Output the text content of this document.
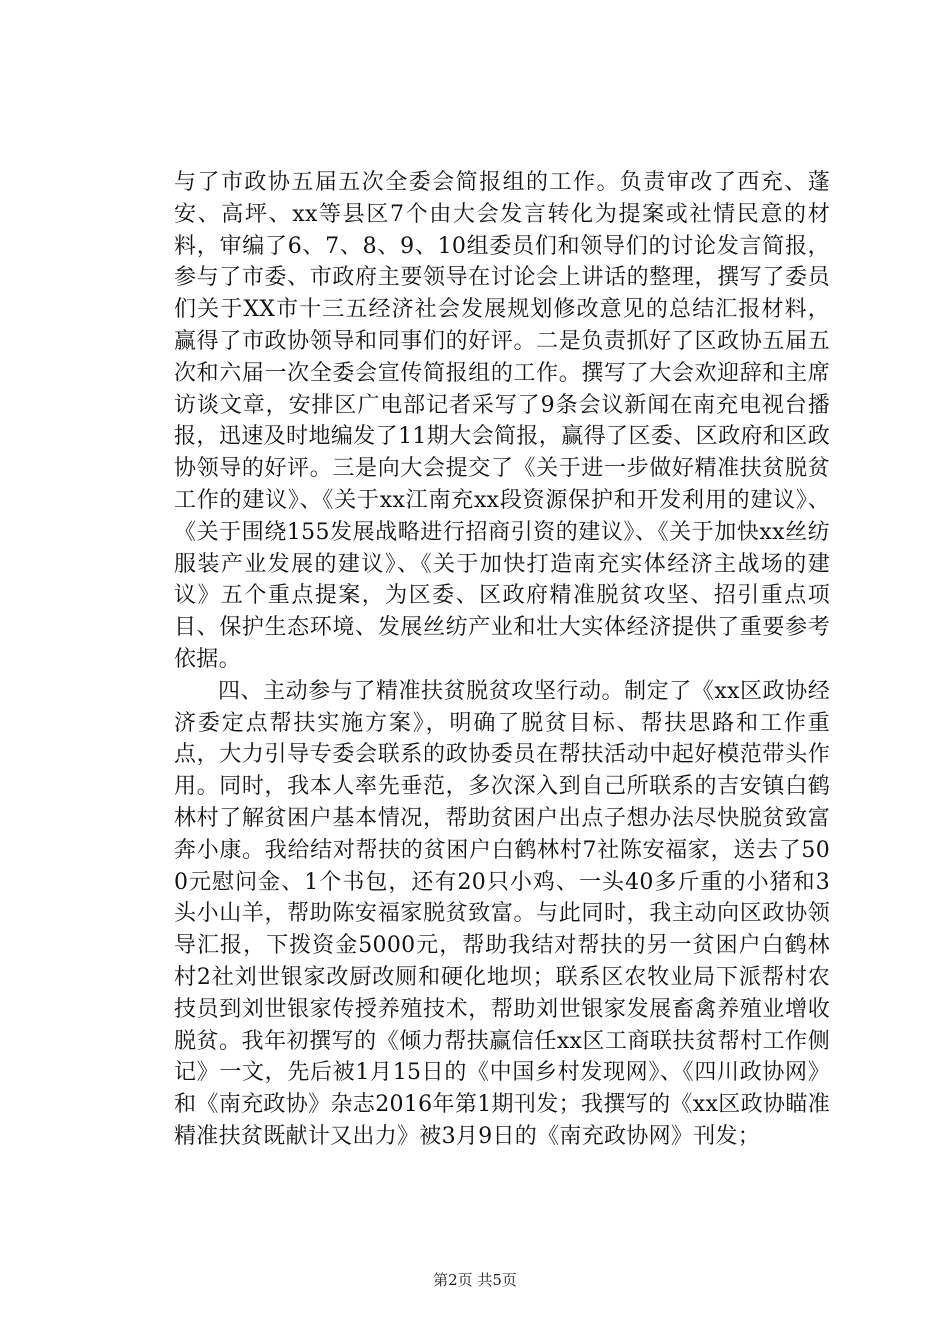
与了市政协五届五次全委会简报组的工作。负责审改了西充、蓬安、高坪、xx等县区7个由大会发言转化为提案或社情民意的材料，审编了6、7、8、9、10组委员们和领导们的讨论发言简报，参与了市委、市政府主要领导在讨论会上讲话的整理，撰写了委员们关于XX市十三五经济社会发展规划修改意见的总结汇报材料，赢得了市政协领导和同事们的好评。二是负责抓好了区政协五届五次和六届一次全委会宣传简报组的工作。撰写了大会欢迎辞和主席访谈文章，安排区广电部记者采写了9条会议新闻在南充电视台播报，迅速及时地编发了11期大会简报，赢得了区委、区政府和区政协领导的好评。三是向大会提交了《关于进一步做好精准扶贫脱贫工作的建议》、《关于xx江南充xx段资源保护和开发利用的建议》、《关于围绕155发展战略进行招商引资的建议》、《关于加快xx丝纺服装产业发展的建议》、《关于加快打造南充实体经济主战场的建议》五个重点提案，为区委、区政府精准脱贫攻坚、招引重点项目、保护生态环境、发展丝纺产业和壮大实体经济提供了重要参考依据。

四、主动参与了精准扶贫脱贫攻坚行动。制定了《xx区政协经济委定点帮扶实施方案》，明确了脱贫目标、帮扶思路和工作重点，大力引导专委会联系的政协委员在帮扶活动中起好模范带头作用。同时，我本人率先垂范，多次深入到自己所联系的吉安镇白鹤林村了解贫困户基本情况，帮助贫困户出点子想办法尽快脱贫致富奔小康。我给结对帮扶的贫困户白鹤林村7社陈安福家，送去了500元慰问金、1个书包，还有20只小鸡、一头40多斤重的小猪和3头小山羊，帮助陈安福家脱贫致富。与此同时，我主动向区政协领导汇报，下拨资金5000元，帮助我结对帮扶的另一贫困户白鹤林村2社刘世银家改厨改厕和硬化地坝；联系区农牧业局下派帮村农技员到刘世银家传授养殖技术，帮助刘世银家发展畜禽养殖业增收脱贫。我年初撰写的《倾力帮扶赢信任xx区工商联扶贫帮村工作侧记》一文，先后被1月15日的《中国乡村发现网》、《四川政协网》和《南充政协》杂志2016年第1期刊发；我撰写的《xx区政协瞄准精准扶贫既献计又出力》被3月9日的《南充政协网》刊发；

第2页 共5页
